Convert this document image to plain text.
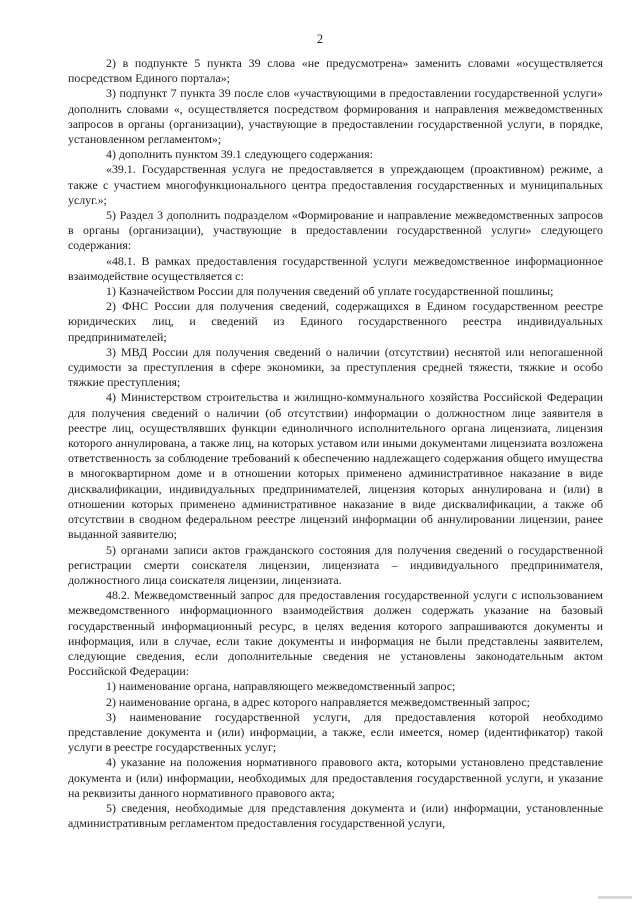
2

2) в подпункте 5 пункта 39 слова «не предусмотрена» заменить словами «осуществляется посредством Единого портала»;

3) подпункт 7 пункта 39 после слов «участвующими в предоставлении государственной услуги» дополнить словами «, осуществляется посредством формирования и направления межведомственных запросов в органы (организации), участвующие в предоставлении государственной услуги, в порядке, установленном регламентом»;

4) дополнить пунктом 39.1 следующего содержания:

«39.1. Государственная услуга не предоставляется в упреждающем (проактивном) режиме, а также с участием многофункционального центра предоставления государственных и муниципальных услуг.»;

5) Раздел 3 дополнить подразделом «Формирование и направление межведомственных запросов в органы (организации), участвующие в предоставлении государственной услуги» следующего содержания:

«48.1. В рамках предоставления государственной услуги межведомственное информационное взаимодействие осуществляется с:

1) Казначейством России для получения сведений об уплате государственной пошлины;

2) ФНС России для получения сведений, содержащихся в Едином государственном реестре юридических лиц, и сведений из Единого государственного реестра индивидуальных предпринимателей;

3) МВД России для получения сведений о наличии (отсутствии) неснятой или непогашенной судимости за преступления в сфере экономики, за преступления средней тяжести, тяжкие и особо тяжкие преступления;

4) Министерством строительства и жилищно-коммунального хозяйства Российской Федерации для получения сведений о наличии (об отсутствии) информации о должностном лице заявителя в реестре лиц, осуществлявших функции единоличного исполнительного органа лицензиата, лицензия которого аннулирована, а также лиц, на которых уставом или иными документами лицензиата возложена ответственность за соблюдение требований к обеспечению надлежащего содержания общего имущества в многоквартирном доме и в отношении которых применено административное наказание в виде дисквалификации, индивидуальных предпринимателей, лицензия которых аннулирована и (или) в отношении которых применено административное наказание в виде дисквалификации, а также об отсутствии в сводном федеральном реестре лицензий информации об аннулировании лицензии, ранее выданной заявителю;

5) органами записи актов гражданского состояния для получения сведений о государственной регистрации смерти соискателя лицензии, лицензиата – индивидуального предпринимателя, должностного лица соискателя лицензии, лицензиата.

48.2. Межведомственный запрос для предоставления государственной услуги с использованием межведомственного информационного взаимодействия должен содержать указание на базовый государственный информационный ресурс, в целях ведения которого запрашиваются документы и информация, или в случае, если такие документы и информация не были представлены заявителем, следующие сведения, если дополнительные сведения не установлены законодательным актом Российской Федерации:

1) наименование органа, направляющего межведомственный запрос;

2) наименование органа, в адрес которого направляется межведомственный запрос;

3) наименование государственной услуги, для предоставления которой необходимо представление документа и (или) информации, а также, если имеется, номер (идентификатор) такой услуги в реестре государственных услуг;

4) указание на положения нормативного правового акта, которыми установлено представление документа и (или) информации, необходимых для предоставления государственной услуги, и указание на реквизиты данного нормативного правового акта;

5) сведения, необходимые для представления документа и (или) информации, установленные административным регламентом предоставления государственной услуги,
